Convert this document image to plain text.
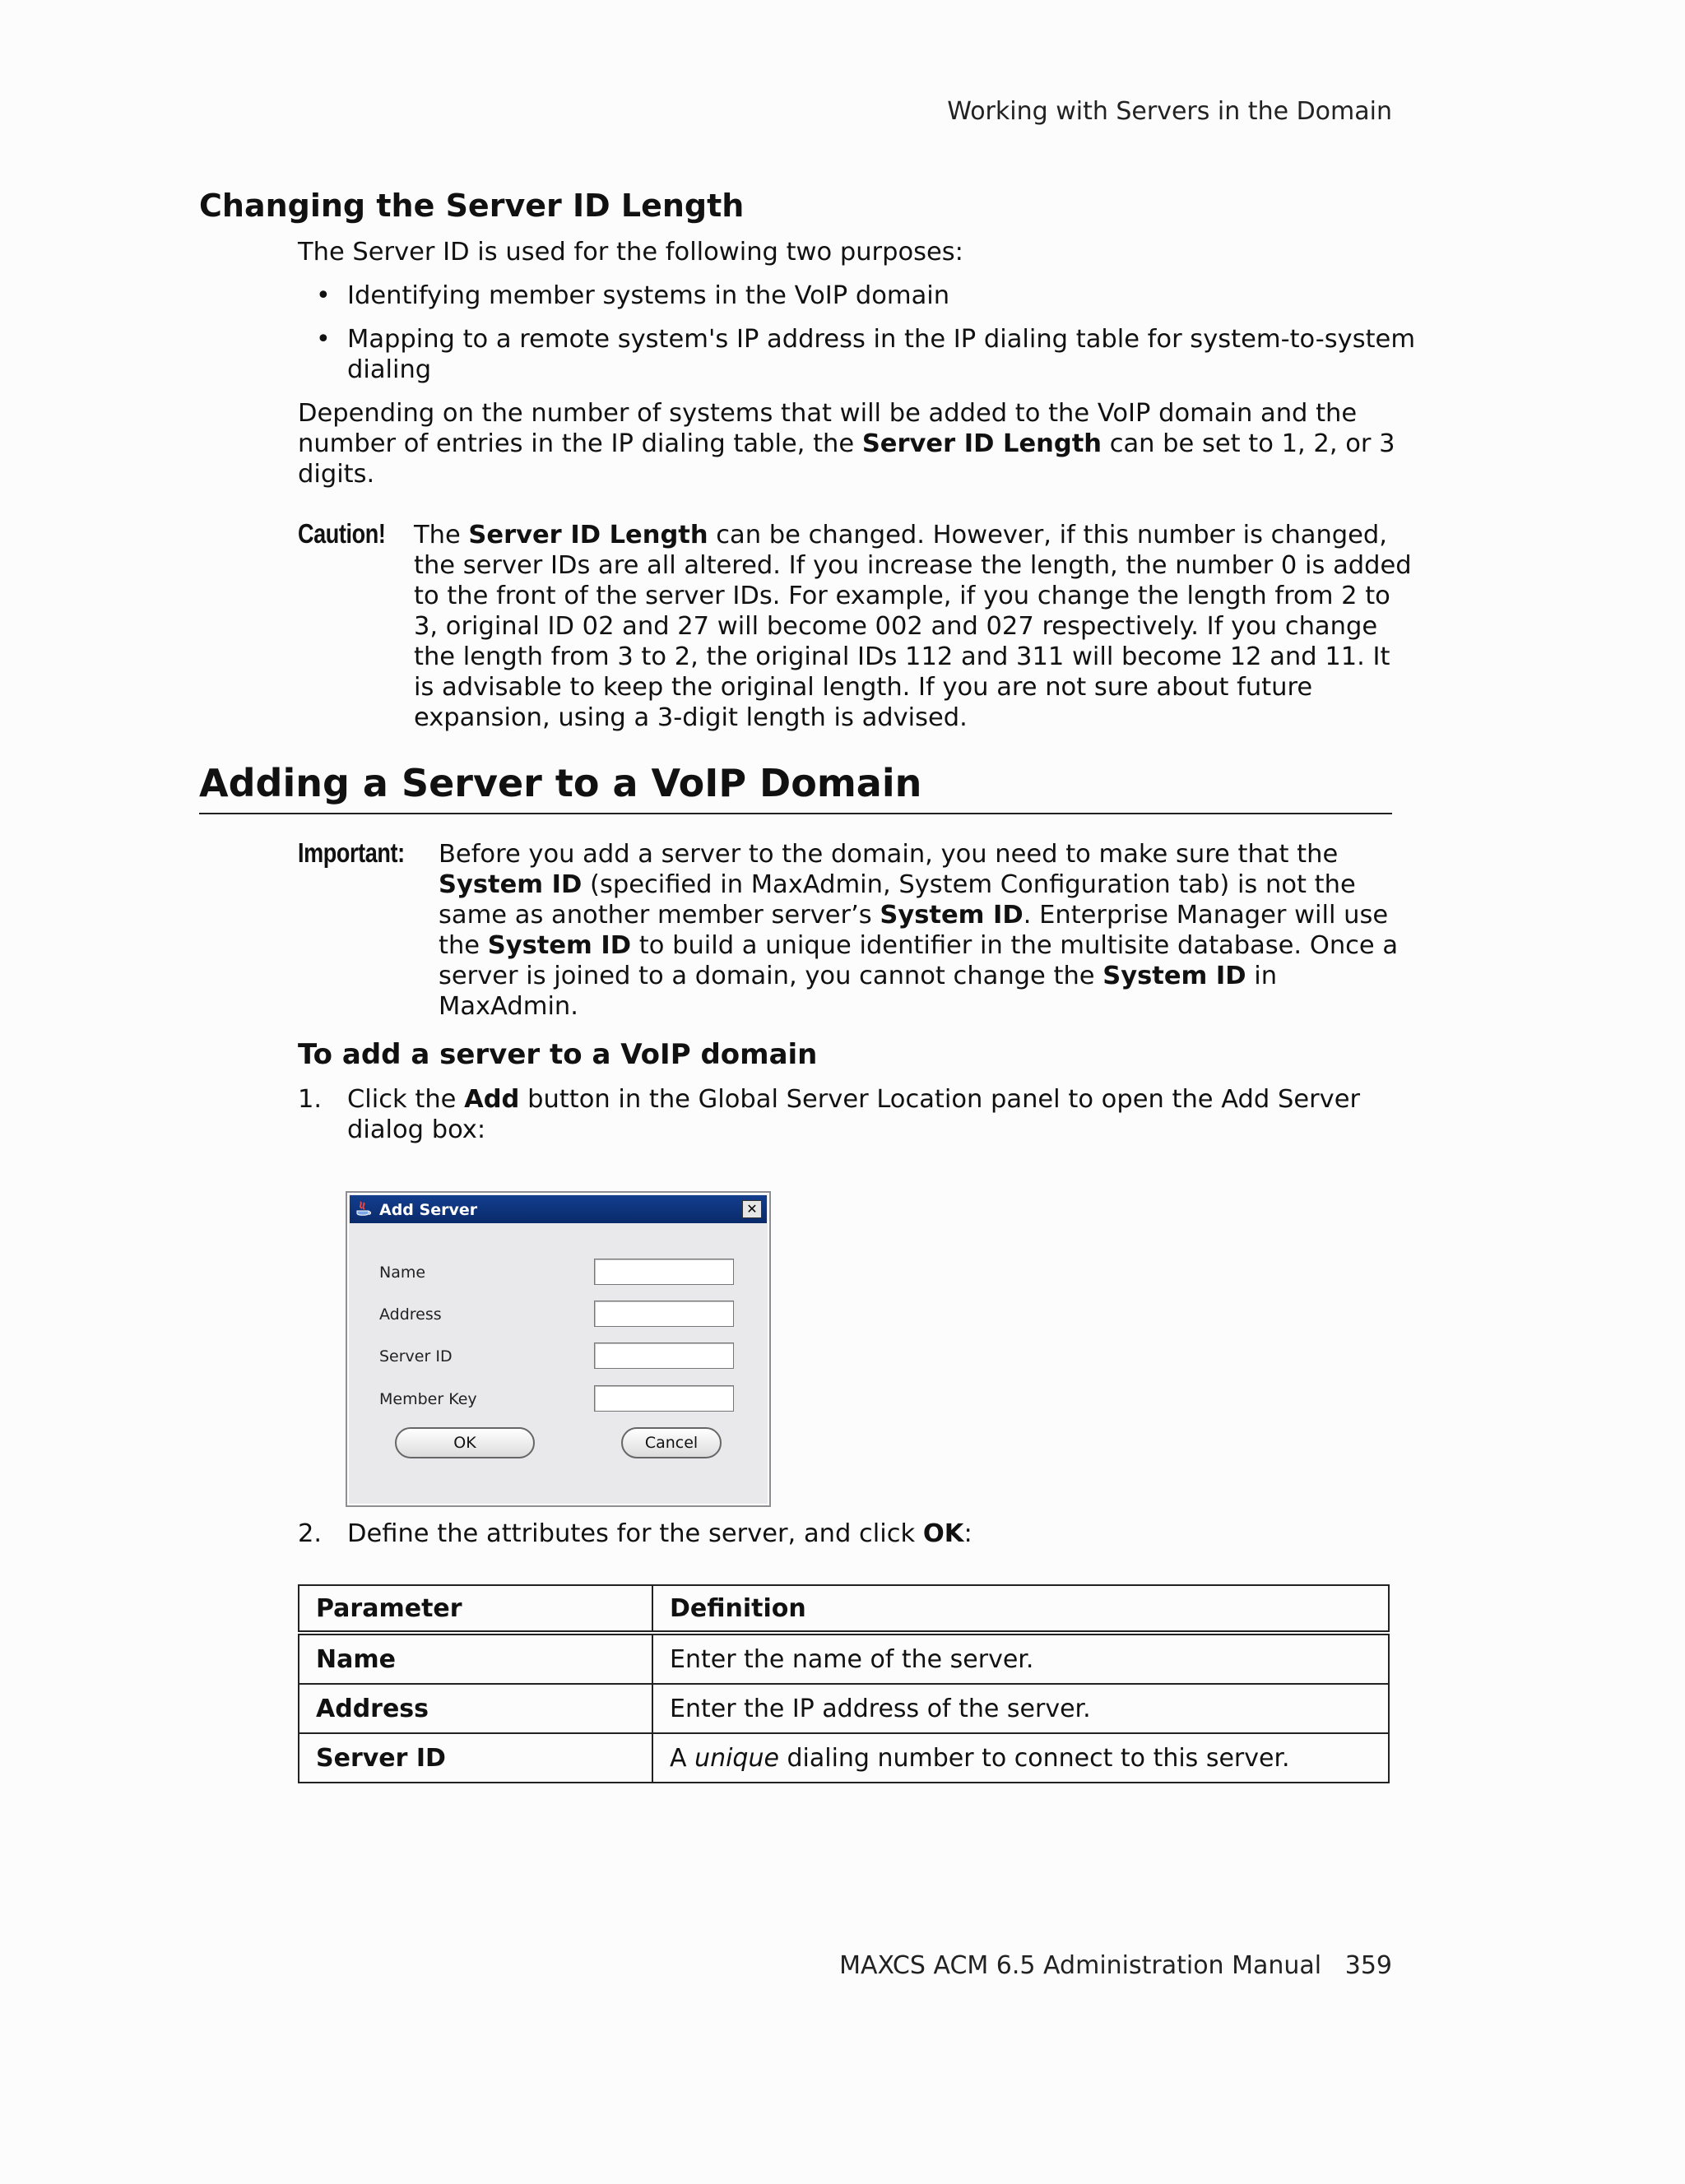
Working with Servers in the Domain
Changing the Server ID Length
The Server ID is used for the following two purposes:
• Identifying member systems in the VoIP domain
• Mapping to a remote system's IP address in the IP dialing table for system-to-system
dialing
Depending on the number of systems that will be added to the VoIP domain and the
number of entries in the IP dialing table, the Server ID Length can be set to 1, 2, or 3
digits.
Caution! The Server ID Length can be changed. However, if this number is changed,
the server IDs are all altered. If you increase the length, the number 0 is added
to the front of the server IDs. For example, if you change the length from 2 to
3, original ID 02 and 27 will become 002 and 027 respectively. If you change
the length from 3 to 2, the original IDs 112 and 311 will become 12 and 11. It
is advisable to keep the original length. If you are not sure about future
expansion, using a 3-digit length is advised.
Adding a Server to a VoIP Domain
Important: Before you add a server to the domain, you need to make sure that the
System ID (specified in MaxAdmin, System Configuration tab) is not the
same as another member server’s System ID. Enterprise Manager will use
the System ID to build a unique identifier in the multisite database. Once a
server is joined to a domain, you cannot change the System ID in
MaxAdmin.
To add a server to a VoIP domain
1. Click the Add button in the Global Server Location panel to open the Add Server
dialog box:
Add Server	✕
Name
Address
Server ID
Member Key
OK	Cancel
2. Define the attributes for the server, and click OK:
Parameter	Definition
Name	Enter the name of the server.
Address	Enter the IP address of the server.
Server ID	A unique dialing number to connect to this server.
MAXCS ACM 6.5 Administration Manual 359
